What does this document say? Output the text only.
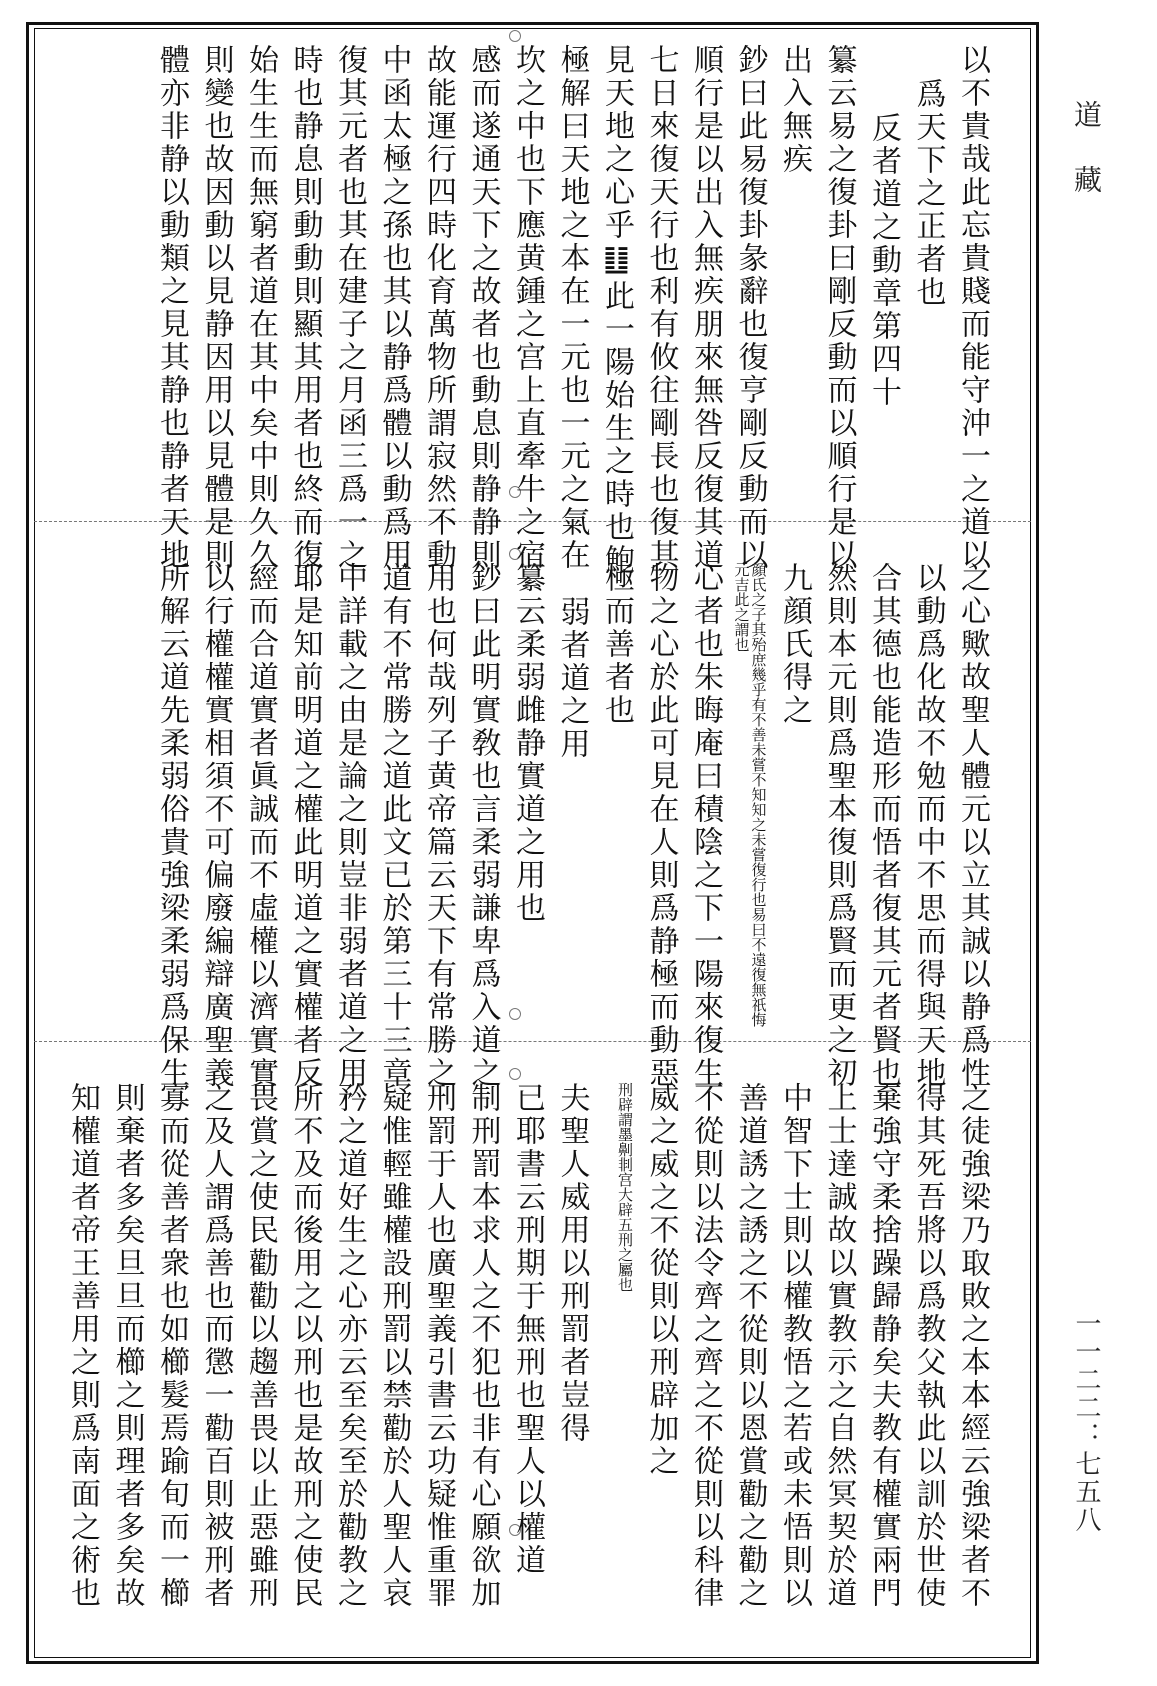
以不貴哉此忘貴賤而能守沖一之道以
爲天下之正者也
反者道之動章第四十
纂云易之復卦曰剛反動而以順行是以
出入無疾
鈔曰此易復卦彖辭也復亨剛反動而以
順行是以出入無疾朋來無咎反復其道
七日來復天行也利有攸往剛長也復其
見天地之心乎䷗此一陽始生之時也鮑
極解曰天地之本在一元也一元之氣在
坎之中也下應黄鍾之宫上直牽牛之宿
感而遂通天下之故者也動息則静静則
故能運行四時化育萬物所謂寂然不動
中函太極之孫也其以静爲體以動爲用
復其元者也其在建子之月函三爲一之
時也静息則動動則顯其用者也終而復
始生生而無窮者道在其中矣中則久久
則變也故因動以見静因用以見體是則
體亦非静以動類之見其静也静者天地
之心歟故聖人體元以立其誠以静爲性
以動爲化故不勉而中不思而得與天地
合其德也能造形而悟者復其元者賢也
然則本元則爲聖本復則爲賢而更之初
九顔氏得之
顔氏之子其殆庶幾乎有不善未嘗不知知之未嘗復行也易曰不遠復無祇悔元吉此之謂也
心者也朱晦庵曰積陰之下一陽來復生
物之心於此可見在人則爲静極而動惡
極而善者也
弱者道之用
纂云柔弱雌静實道之用也
鈔曰此明實敎也言柔弱謙卑爲入道之
用也何哉列子黄帝篇云天下有常勝之
道有不常勝之道此文已於第三十三章
中詳載之由是論之則豈非弱者道之用
耶是知前明道之權此明道之實權者反
經而合道實者眞誠而不虛權以濟實實
以行權權實相須不可偏廢編辯廣聖義
所解云道先柔弱俗貴強梁柔弱爲保生
之徒強梁乃取敗之本本經云強梁者不
得其死吾將以爲教父執此以訓於世使
棄強守柔捨躁歸静矣夫教有權實兩門
上士達誠故以實教示之自然冥契於道
中智下士則以權教悟之若或未悟則以
善道誘之誘之不從則以恩賞勸之勸之
不從則以法令齊之齊之不從則以科律
威之威之不從則以刑辟加之
刑辟謂墨劓剕宫大辟五刑之屬也
夫聖人威用以刑罰者豈得
已耶書云刑期于無刑也聖人以權道
制刑罰本求人之不犯也非有心願欲加
刑罰于人也廣聖義引書云功疑惟重罪
疑惟輕雖權設刑罰以禁勸於人聖人哀
矜之道好生之心亦云至矣至於勸教之
所不及而後用之以刑也是故刑之使民
畏賞之使民勸勸以趨善畏以止惡雖刑
之及人謂爲善也而懲一勸百則被刑者
寡而從善者衆也如櫛髮焉踰旬而一櫛
則棄者多矣旦旦而櫛之則理者多矣故
知權道者帝王善用之則爲南面之術也
道 藏
一一二二：七五八
